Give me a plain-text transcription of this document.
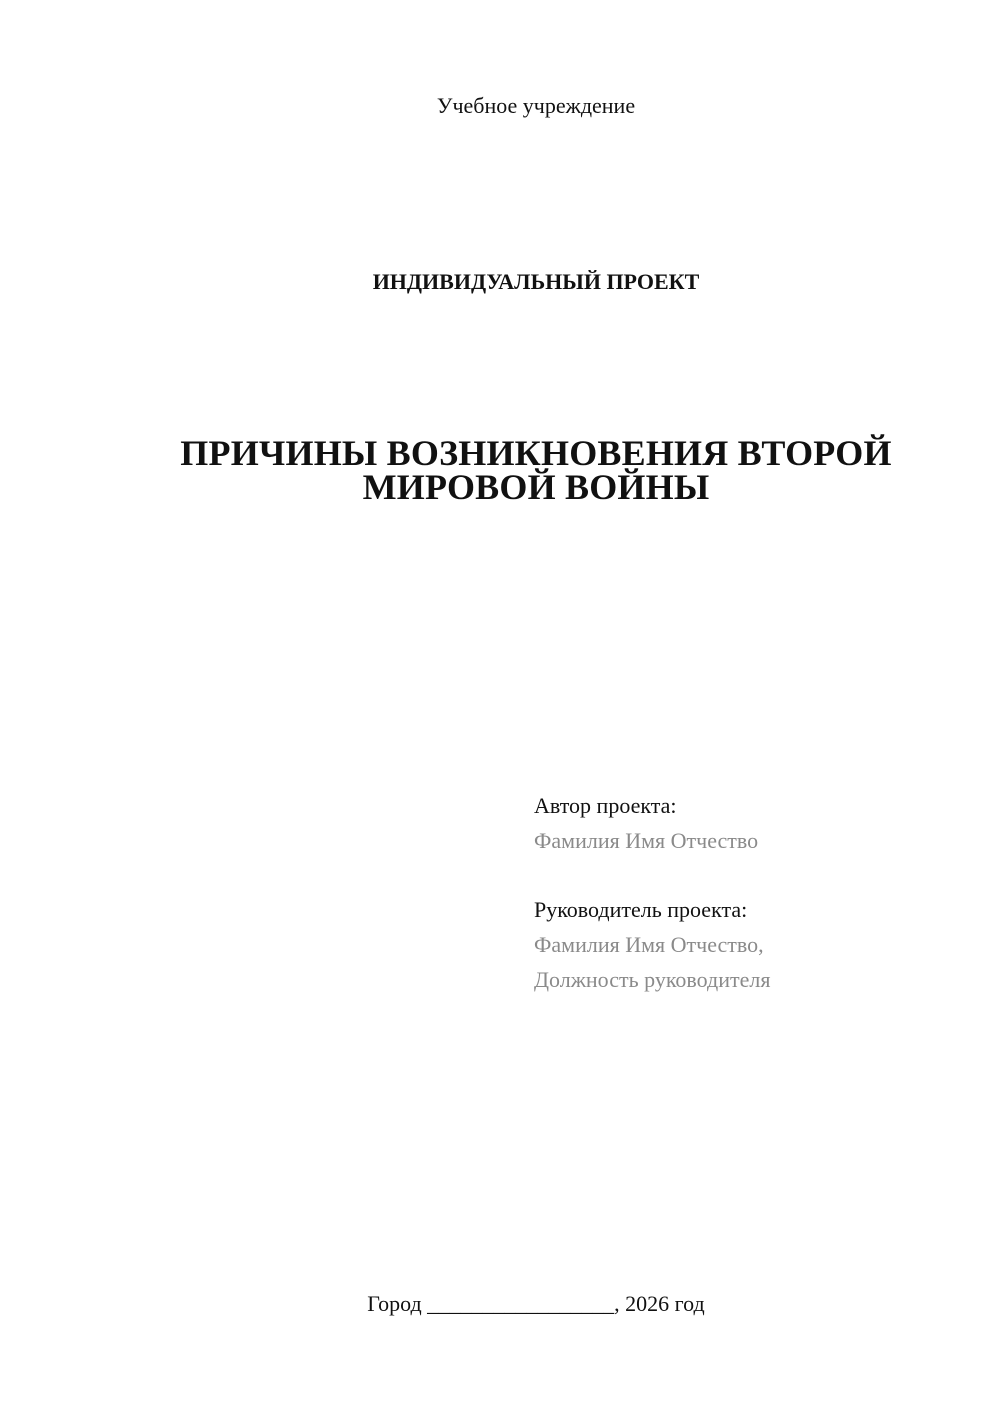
Учебное учреждение
ИНДИВИДУАЛЬНЫЙ ПРОЕКТ
ПРИЧИНЫ ВОЗНИКНОВЕНИЯ ВТОРОЙ
МИРОВОЙ ВОЙНЫ
Автор проекта:
Фамилия Имя Отчество
Руководитель проекта:
Фамилия Имя Отчество,
Должность руководителя
Город _________________, 2026 год
